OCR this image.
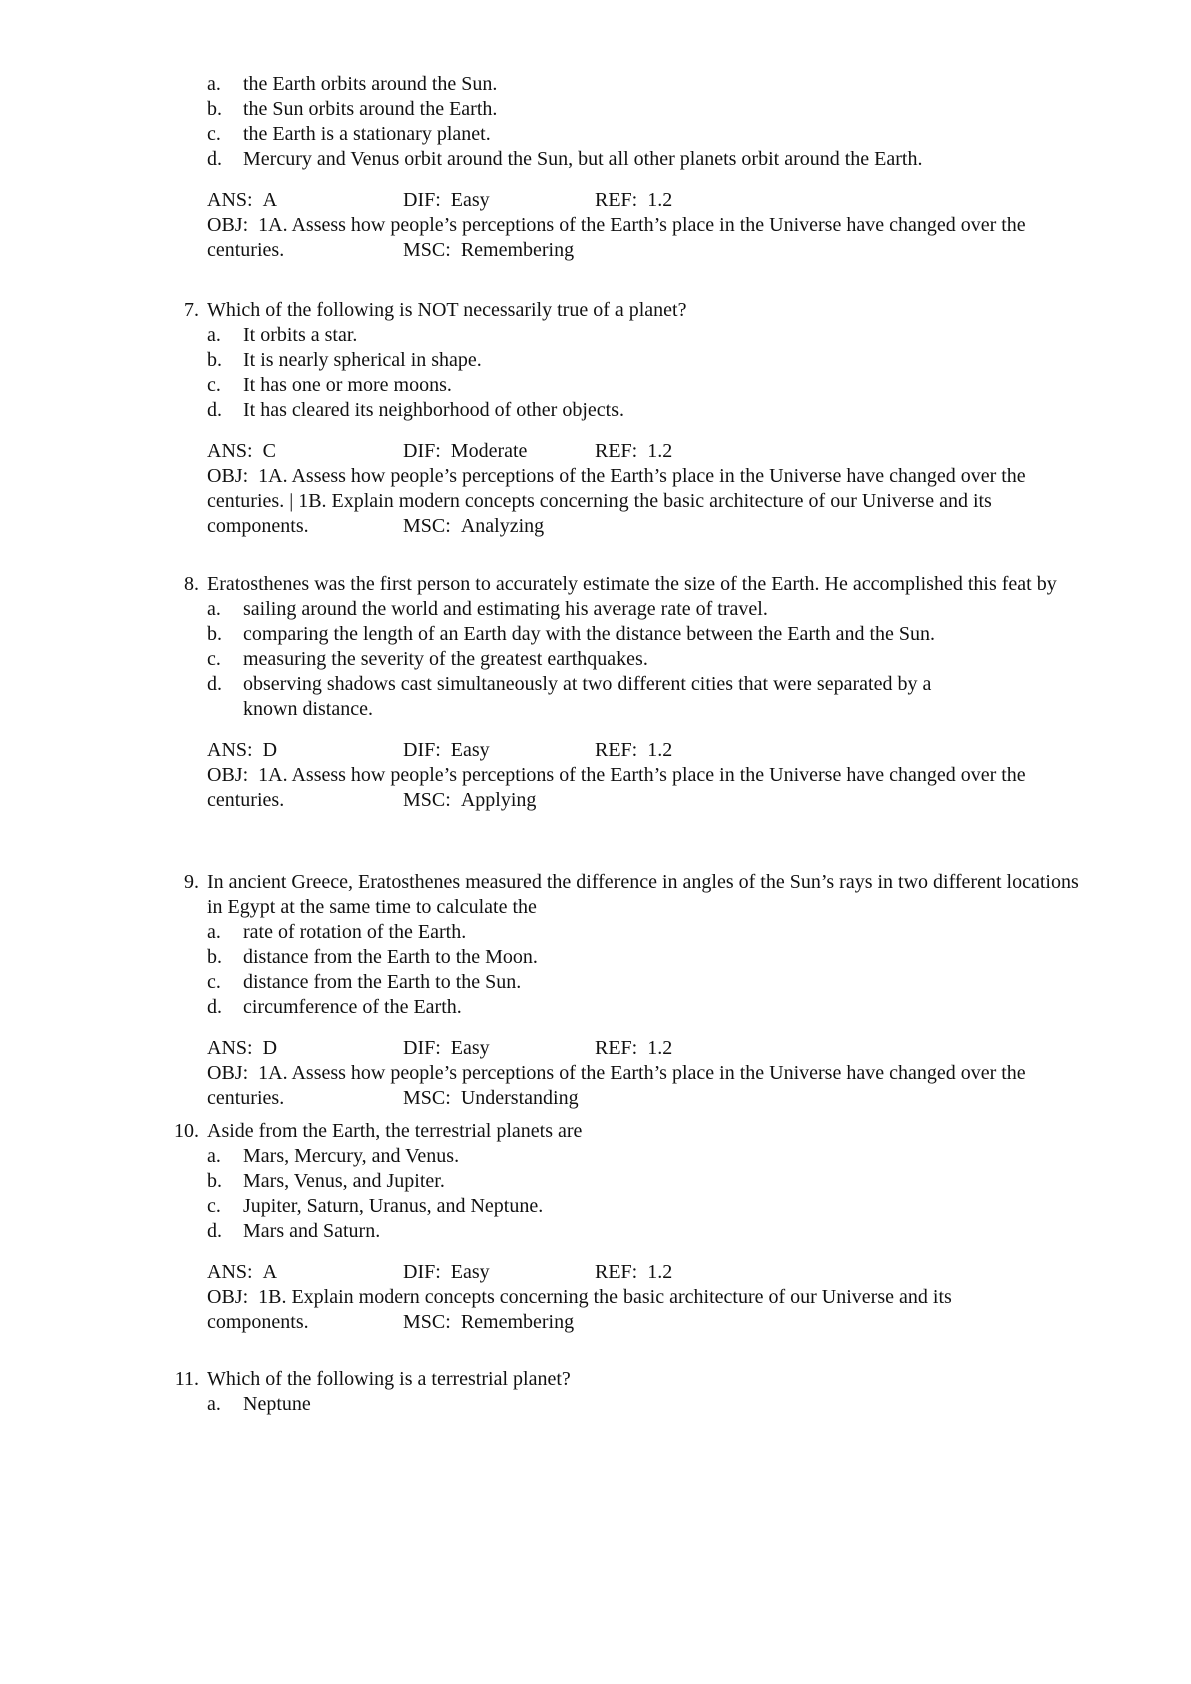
a.	the Earth orbits around the Sun.
b.	the Sun orbits around the Earth.
c.	the Earth is a stationary planet.
d.	Mercury and Venus orbit around the Sun, but all other planets orbit around the Earth.
ANS: A	DIF: Easy	REF: 1.2
OBJ: 1A. Assess how people’s perceptions of the Earth’s place in the Universe have changed over the
centuries.	MSC: Remembering
7. Which of the following is NOT necessarily true of a planet?
a.	It orbits a star.
b.	It is nearly spherical in shape.
c.	It has one or more moons.
d.	It has cleared its neighborhood of other objects.
ANS: C	DIF: Moderate	REF: 1.2
OBJ: 1A. Assess how people’s perceptions of the Earth’s place in the Universe have changed over the
centuries. | 1B. Explain modern concepts concerning the basic architecture of our Universe and its
components.	MSC: Analyzing
8. Eratosthenes was the first person to accurately estimate the size of the Earth. He accomplished this feat by
a.	sailing around the world and estimating his average rate of travel.
b.	comparing the length of an Earth day with the distance between the Earth and the Sun.
c.	measuring the severity of the greatest earthquakes.
d.	observing shadows cast simultaneously at two different cities that were separated by a known distance.
ANS: D	DIF: Easy	REF: 1.2
OBJ: 1A. Assess how people’s perceptions of the Earth’s place in the Universe have changed over the
centuries.	MSC: Applying
9. In ancient Greece, Eratosthenes measured the difference in angles of the Sun’s rays in two different locations in Egypt at the same time to calculate the
a.	rate of rotation of the Earth.
b.	distance from the Earth to the Moon.
c.	distance from the Earth to the Sun.
d.	circumference of the Earth.
ANS: D	DIF: Easy	REF: 1.2
OBJ: 1A. Assess how people’s perceptions of the Earth’s place in the Universe have changed over the
centuries.	MSC: Understanding
10. Aside from the Earth, the terrestrial planets are
a.	Mars, Mercury, and Venus.
b.	Mars, Venus, and Jupiter.
c.	Jupiter, Saturn, Uranus, and Neptune.
d.	Mars and Saturn.
ANS: A	DIF: Easy	REF: 1.2
OBJ: 1B. Explain modern concepts concerning the basic architecture of our Universe and its
components.	MSC: Remembering
11. Which of the following is a terrestrial planet?
a.	Neptune
